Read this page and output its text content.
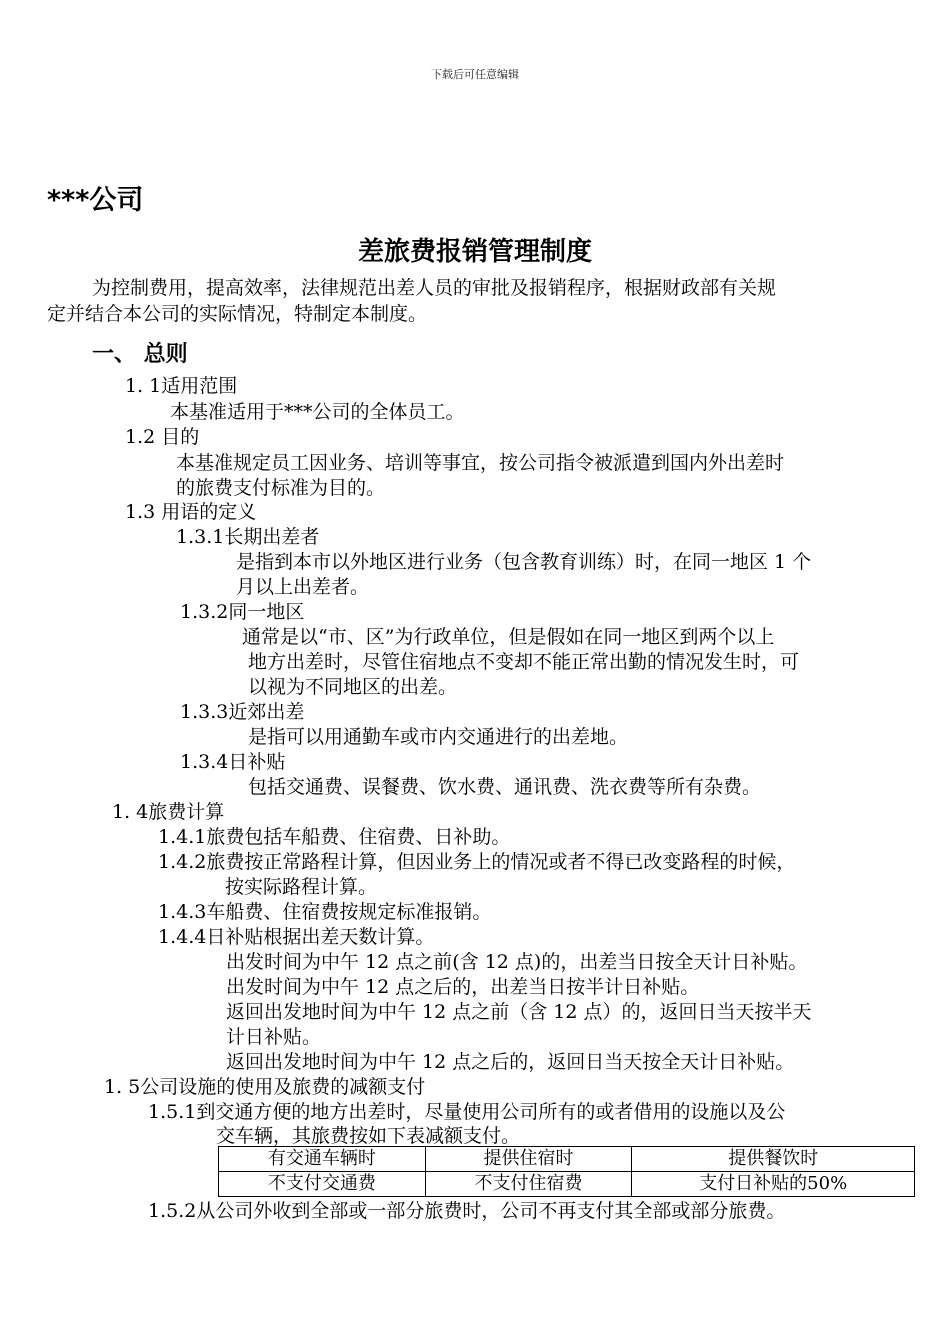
下载后可任意编辑
***公司
差旅费报销管理制度
为控制费用，提高效率，法律规范出差人员的审批及报销程序，根据财政部有关规
定并结合本公司的实际情况，特制定本制度。
一、 总则
1. 1适用范围
本基准适用于***公司的全体员工。
1.2 目的
本基准规定员工因业务、培训等事宜，按公司指令被派遣到国内外出差时
的旅费支付标准为目的。
1.3 用语的定义
1.3.1长期出差者
是指到本市以外地区进行业务（包含教育训练）时，在同一地区 1 个
月以上出差者。
1.3.2同一地区
通常是以“市、区”为行政单位，但是假如在同一地区到两个以上
地方出差时，尽管住宿地点不变却不能正常出勤的情况发生时，可
以视为不同地区的出差。
1.3.3近郊出差
是指可以用通勤车或市内交通进行的出差地。
1.3.4日补贴
包括交通费、误餐费、饮水费、通讯费、洗衣费等所有杂费。
1. 4旅费计算
1.4.1旅费包括车船费、住宿费、日补助。
1.4.2旅费按正常路程计算，但因业务上的情况或者不得已改变路程的时候，
按实际路程计算。
1.4.3车船费、住宿费按规定标准报销。
1.4.4日补贴根据出差天数计算。
出发时间为中午 12 点之前(含 12 点)的，出差当日按全天计日补贴。
出发时间为中午 12 点之后的，出差当日按半计日补贴。
返回出发地时间为中午 12 点之前（含 12 点）的，返回日当天按半天
计日补贴。
返回出发地时间为中午 12 点之后的，返回日当天按全天计日补贴。
1. 5公司设施的使用及旅费的减额支付
1.5.1到交通方便的地方出差时，尽量使用公司所有的或者借用的设施以及公
交车辆，其旅费按如下表减额支付。
有交通车辆时	提供住宿时	提供餐饮时
不支付交通费	不支付住宿费	支付日补贴的50%
1.5.2从公司外收到全部或一部分旅费时，公司不再支付其全部或部分旅费。
